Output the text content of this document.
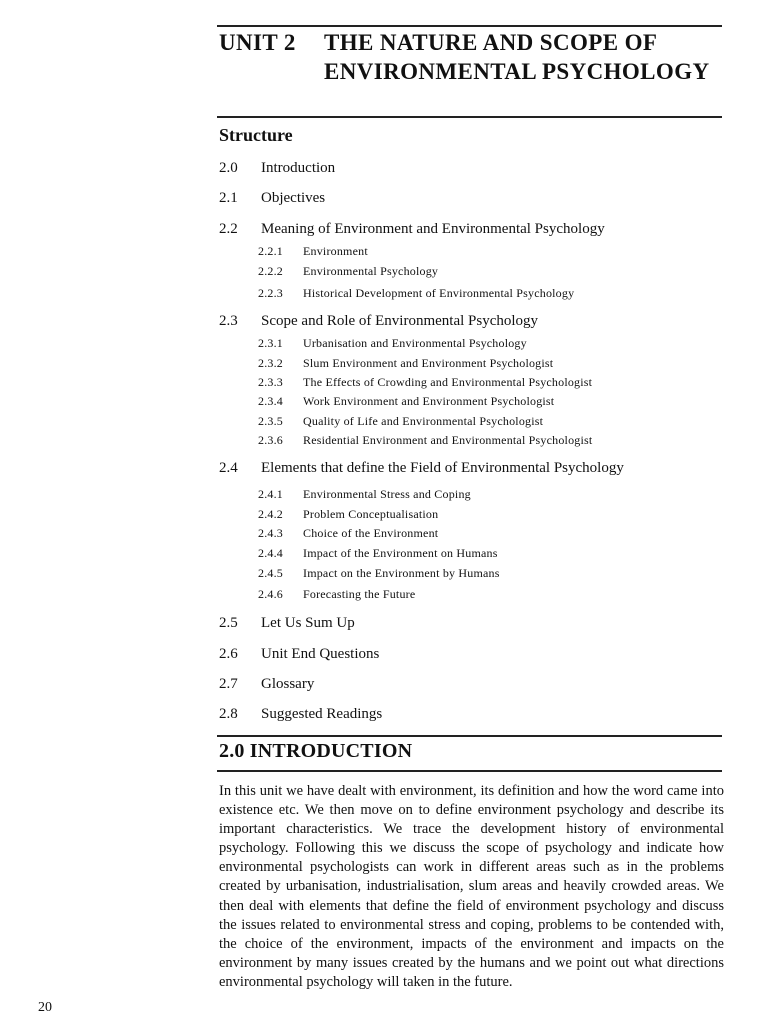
UNIT 2 THE NATURE AND SCOPE OF ENVIRONMENTAL PSYCHOLOGY
Structure
2.0 Introduction
2.1 Objectives
2.2 Meaning of Environment and Environmental Psychology
2.2.1 Environment
2.2.2 Environmental Psychology
2.2.3 Historical Development of Environmental Psychology
2.3 Scope and Role of Environmental Psychology
2.3.1 Urbanisation and Environmental Psychology
2.3.2 Slum Environment and Environment Psychologist
2.3.3 The Effects of Crowding and Environmental Psychologist
2.3.4 Work Environment and Environment Psychologist
2.3.5 Quality of Life and Environmental Psychologist
2.3.6 Residential Environment and Environmental Psychologist
2.4 Elements that define the Field of Environmental Psychology
2.4.1 Environmental Stress and Coping
2.4.2 Problem Conceptualisation
2.4.3 Choice of the Environment
2.4.4 Impact of the Environment on Humans
2.4.5 Impact on the Environment by Humans
2.4.6 Forecasting the Future
2.5 Let Us Sum Up
2.6 Unit End Questions
2.7 Glossary
2.8 Suggested Readings
2.0 INTRODUCTION
In this unit we have dealt with environment, its definition and how the word came into existence etc. We then move on to define environment psychology and describe its important characteristics. We trace the development history of environmental psychology. Following this we discuss the scope of psychology and indicate how environmental psychologists can work in different areas such as in the problems created by urbanisation, industrialisation, slum areas and heavily crowded areas. We then deal with elements that define the field of environment psychology and discuss the issues related to environmental stress and coping, problems to be contended with, the choice of the environment, impacts of the environment and impacts on the environment by many issues created by the humans and we point out what directions environmental psychology will taken in the future.
20
